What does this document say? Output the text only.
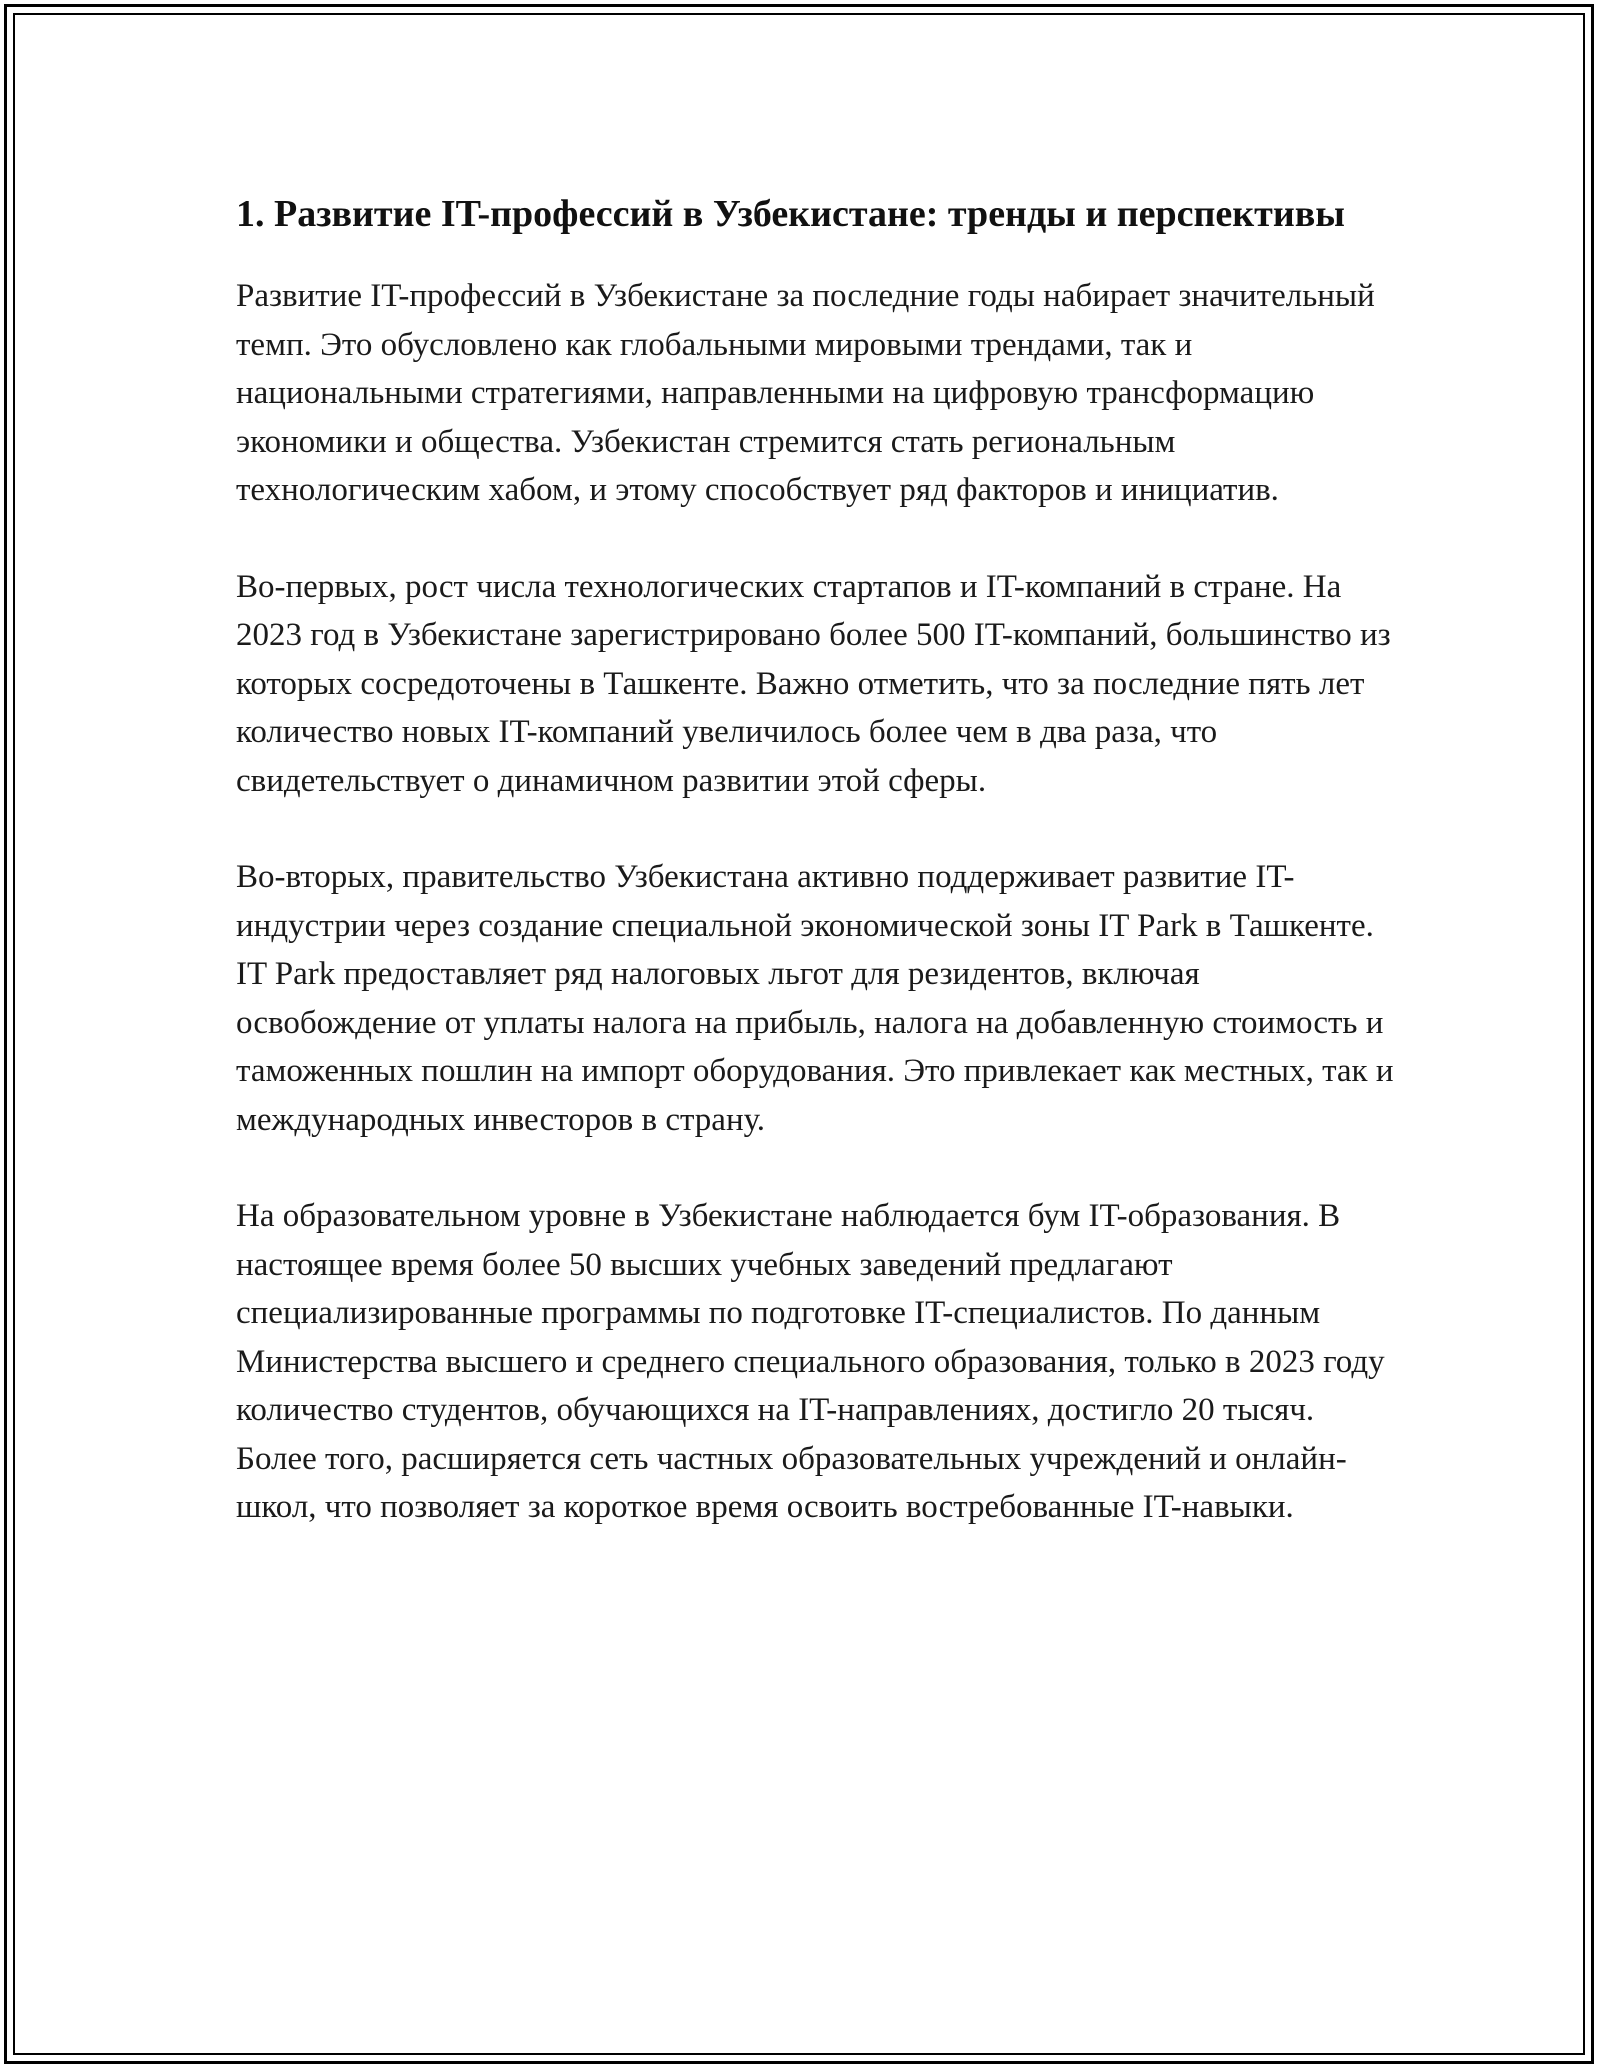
1. Развитие IT-профессий в Узбекистане: тренды и перспективы

Развитие IT-профессий в Узбекистане за последние годы набирает значительный темп. Это обусловлено как глобальными мировыми трендами, так и национальными стратегиями, направленными на цифровую трансформацию экономики и общества. Узбекистан стремится стать региональным технологическим хабом, и этому способствует ряд факторов и инициатив.

Во-первых, рост числа технологических стартапов и IT-компаний в стране. На 2023 год в Узбекистане зарегистрировано более 500 IT-компаний, большинство из которых сосредоточены в Ташкенте. Важно отметить, что за последние пять лет количество новых IT-компаний увеличилось более чем в два раза, что свидетельствует о динамичном развитии этой сферы.

Во-вторых, правительство Узбекистана активно поддерживает развитие IT-индустрии через создание специальной экономической зоны IT Park в Ташкенте. IT Park предоставляет ряд налоговых льгот для резидентов, включая освобождение от уплаты налога на прибыль, налога на добавленную стоимость и таможенных пошлин на импорт оборудования. Это привлекает как местных, так и международных инвесторов в страну.

На образовательном уровне в Узбекистане наблюдается бум IT-образования. В настоящее время более 50 высших учебных заведений предлагают специализированные программы по подготовке IT-специалистов. По данным Министерства высшего и среднего специального образования, только в 2023 году количество студентов, обучающихся на IT-направлениях, достигло 20 тысяч. Более того, расширяется сеть частных образовательных учреждений и онлайн-школ, что позволяет за короткое время освоить востребованные IT-навыки.
